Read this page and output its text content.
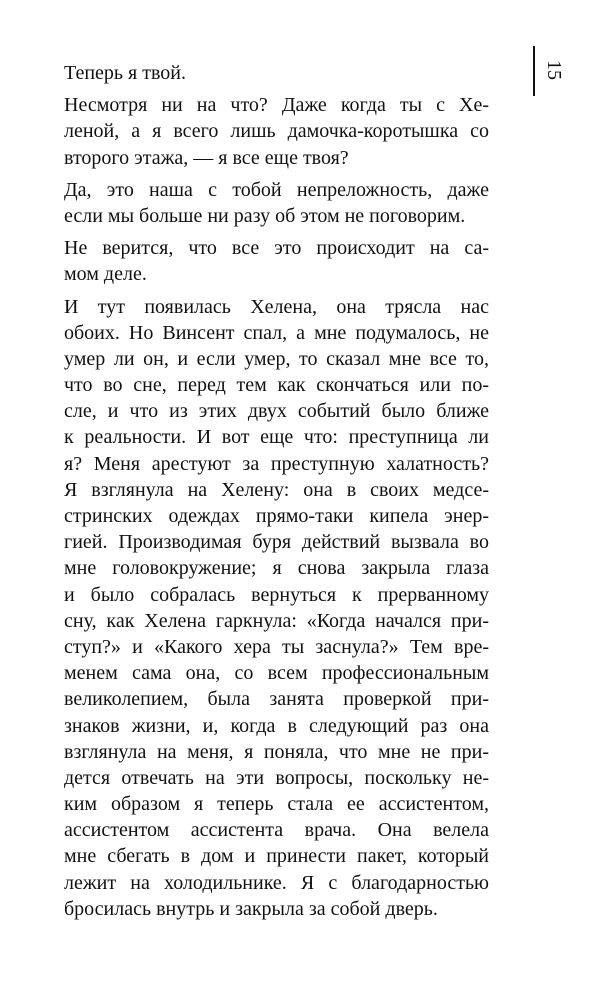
15
Теперь я твой.
Несмотря ни на что? Даже когда ты с Хе-
леной, а я всего лишь дамочка-коротышка со
второго этажа, — я все еще твоя?
Да, это наша с тобой непреложность, даже
если мы больше ни разу об этом не поговорим.
Не верится, что все это происходит на са-
мом деле.
И тут появилась Хелена, она трясла нас
обоих. Но Винсент спал, а мне подумалось, не
умер ли он, и если умер, то сказал мне все то,
что во сне, перед тем как скончаться или по-
сле, и что из этих двух событий было ближе
к реальности. И вот еще что: преступница ли
я? Меня арестуют за преступную халатность?
Я взглянула на Хелену: она в своих медсе-
стринских одеждах прямо-таки кипела энер-
гией. Производимая буря действий вызвала во
мне головокружение; я снова закрыла глаза
и было собралась вернуться к прерванному
сну, как Хелена гаркнула: «Когда начался при-
ступ?» и «Какого хера ты заснула?» Тем вре-
менем сама она, со всем профессиональным
великолепием, была занята проверкой при-
знаков жизни, и, когда в следующий раз она
взглянула на меня, я поняла, что мне не при-
дется отвечать на эти вопросы, поскольку не-
ким образом я теперь стала ее ассистентом,
ассистентом ассистента врача. Она велела
мне сбегать в дом и принести пакет, который
лежит на холодильнике. Я с благодарностью
бросилась внутрь и закрыла за собой дверь.
